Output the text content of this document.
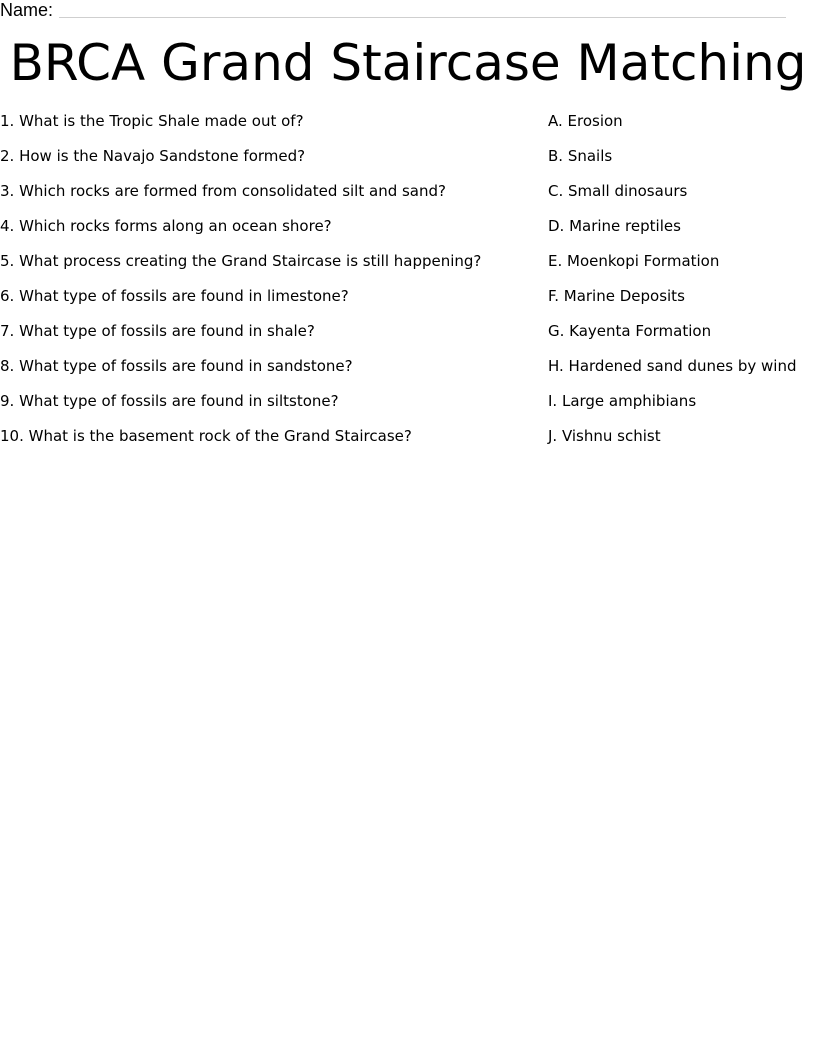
Name:
BRCA Grand Staircase Matching
1. What is the Tropic Shale made out of?
2. How is the Navajo Sandstone formed?
3. Which rocks are formed from consolidated silt and sand?
4. Which rocks forms along an ocean shore?
5. What process creating the Grand Staircase is still happening?
6. What type of fossils are found in limestone?
7. What type of fossils are found in shale?
8. What type of fossils are found in sandstone?
9. What type of fossils are found in siltstone?
10. What is the basement rock of the Grand Staircase?
A. Erosion
B. Snails
C. Small dinosaurs
D. Marine reptiles
E. Moenkopi Formation
F. Marine Deposits
G. Kayenta Formation
H. Hardened sand dunes by wind
I. Large amphibians
J. Vishnu schist
